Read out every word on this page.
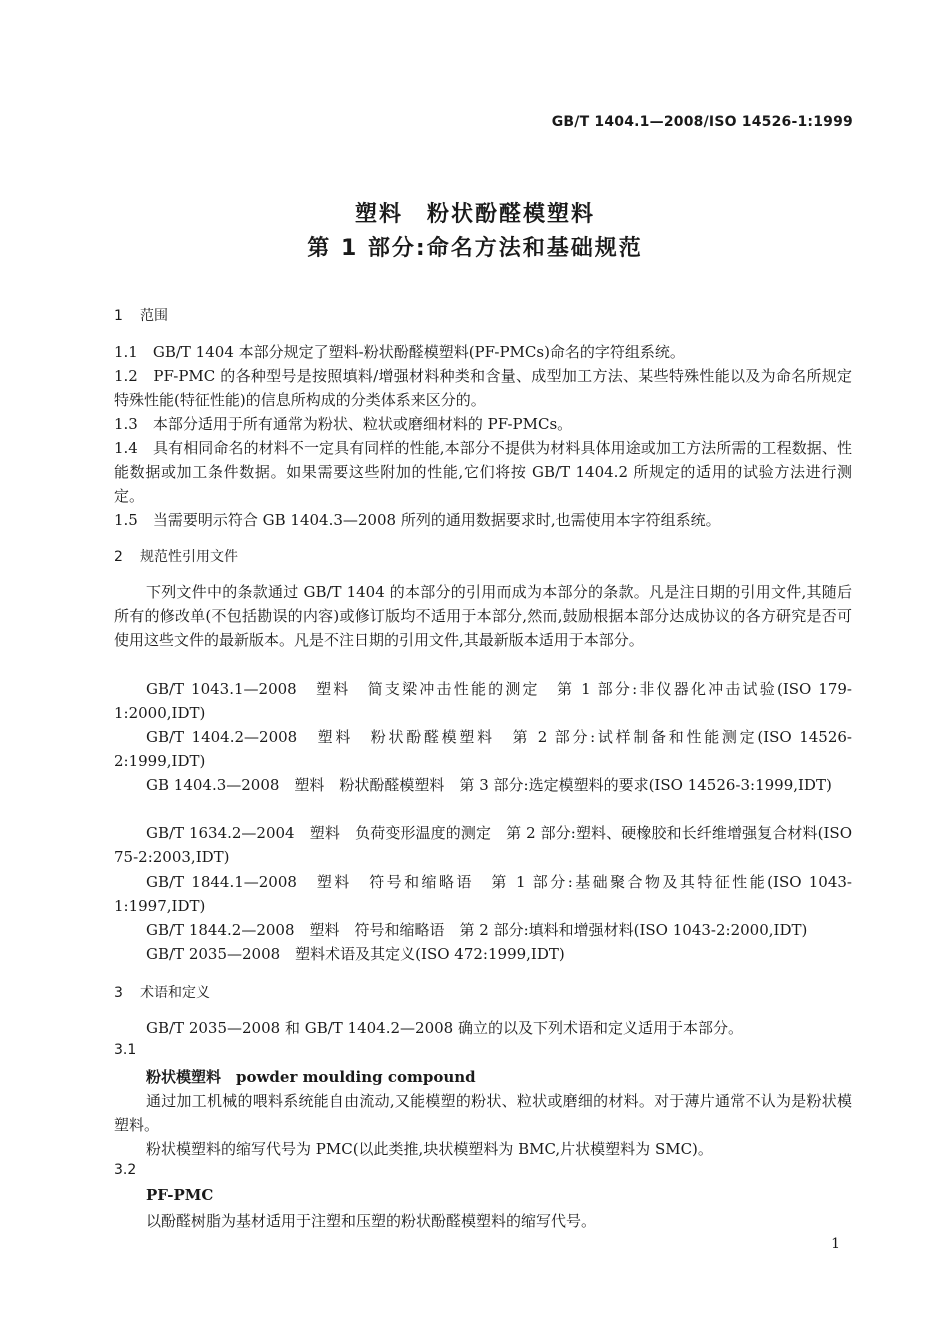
GB/T 1404.1—2008/ISO 14526-1:1999
塑料　粉状酚醛模塑料
第 1 部分:命名方法和基础规范
1 范围
1.1　GB/T 1404 本部分规定了塑料-粉状酚醛模塑料(PF-PMCs)命名的字符组系统。
1.2　PF-PMC 的各种型号是按照填料/增强材料种类和含量、成型加工方法、某些特殊性能以及为命名所规定特殊性能(特征性能)的信息所构成的分类体系来区分的。
1.3　本部分适用于所有通常为粉状、粒状或磨细材料的 PF-PMCs。
1.4　具有相同命名的材料不一定具有同样的性能,本部分不提供为材料具体用途或加工方法所需的工程数据、性能数据或加工条件数据。如果需要这些附加的性能,它们将按 GB/T 1404.2 所规定的适用的试验方法进行测定。
1.5　当需要明示符合 GB 1404.3—2008 所列的通用数据要求时,也需使用本字符组系统。
2 规范性引用文件
下列文件中的条款通过 GB/T 1404 的本部分的引用而成为本部分的条款。凡是注日期的引用文件,其随后所有的修改单(不包括勘误的内容)或修订版均不适用于本部分,然而,鼓励根据本部分达成协议的各方研究是否可使用这些文件的最新版本。凡是不注日期的引用文件,其最新版本适用于本部分。
GB/T 1043.1—2008　塑料　简支梁冲击性能的测定　第 1 部分:非仪器化冲击试验(ISO 179-1:2000,IDT)
GB/T 1404.2—2008　塑料　粉状酚醛模塑料　第 2 部分:试样制备和性能测定(ISO 14526-2:1999,IDT)
GB 1404.3—2008　塑料　粉状酚醛模塑料　第 3 部分:选定模塑料的要求(ISO 14526-3:1999,IDT)
GB/T 1634.2—2004　塑料　负荷变形温度的测定　第 2 部分:塑料、硬橡胶和长纤维增强复合材料(ISO 75-2:2003,IDT)
GB/T 1844.1—2008　塑料　符号和缩略语　第 1 部分:基础聚合物及其特征性能(ISO 1043-1:1997,IDT)
GB/T 1844.2—2008　塑料　符号和缩略语　第 2 部分:填料和增强材料(ISO 1043-2:2000,IDT)
GB/T 2035—2008　塑料术语及其定义(ISO 472:1999,IDT)
3 术语和定义
GB/T 2035—2008 和 GB/T 1404.2—2008 确立的以及下列术语和定义适用于本部分。
3.1
粉状模塑料　powder moulding compound
通过加工机械的喂料系统能自由流动,又能模塑的粉状、粒状或磨细的材料。对于薄片通常不认为是粉状模塑料。
粉状模塑料的缩写代号为 PMC(以此类推,块状模塑料为 BMC,片状模塑料为 SMC)。
3.2
PF-PMC
以酚醛树脂为基材适用于注塑和压塑的粉状酚醛模塑料的缩写代号。
1
